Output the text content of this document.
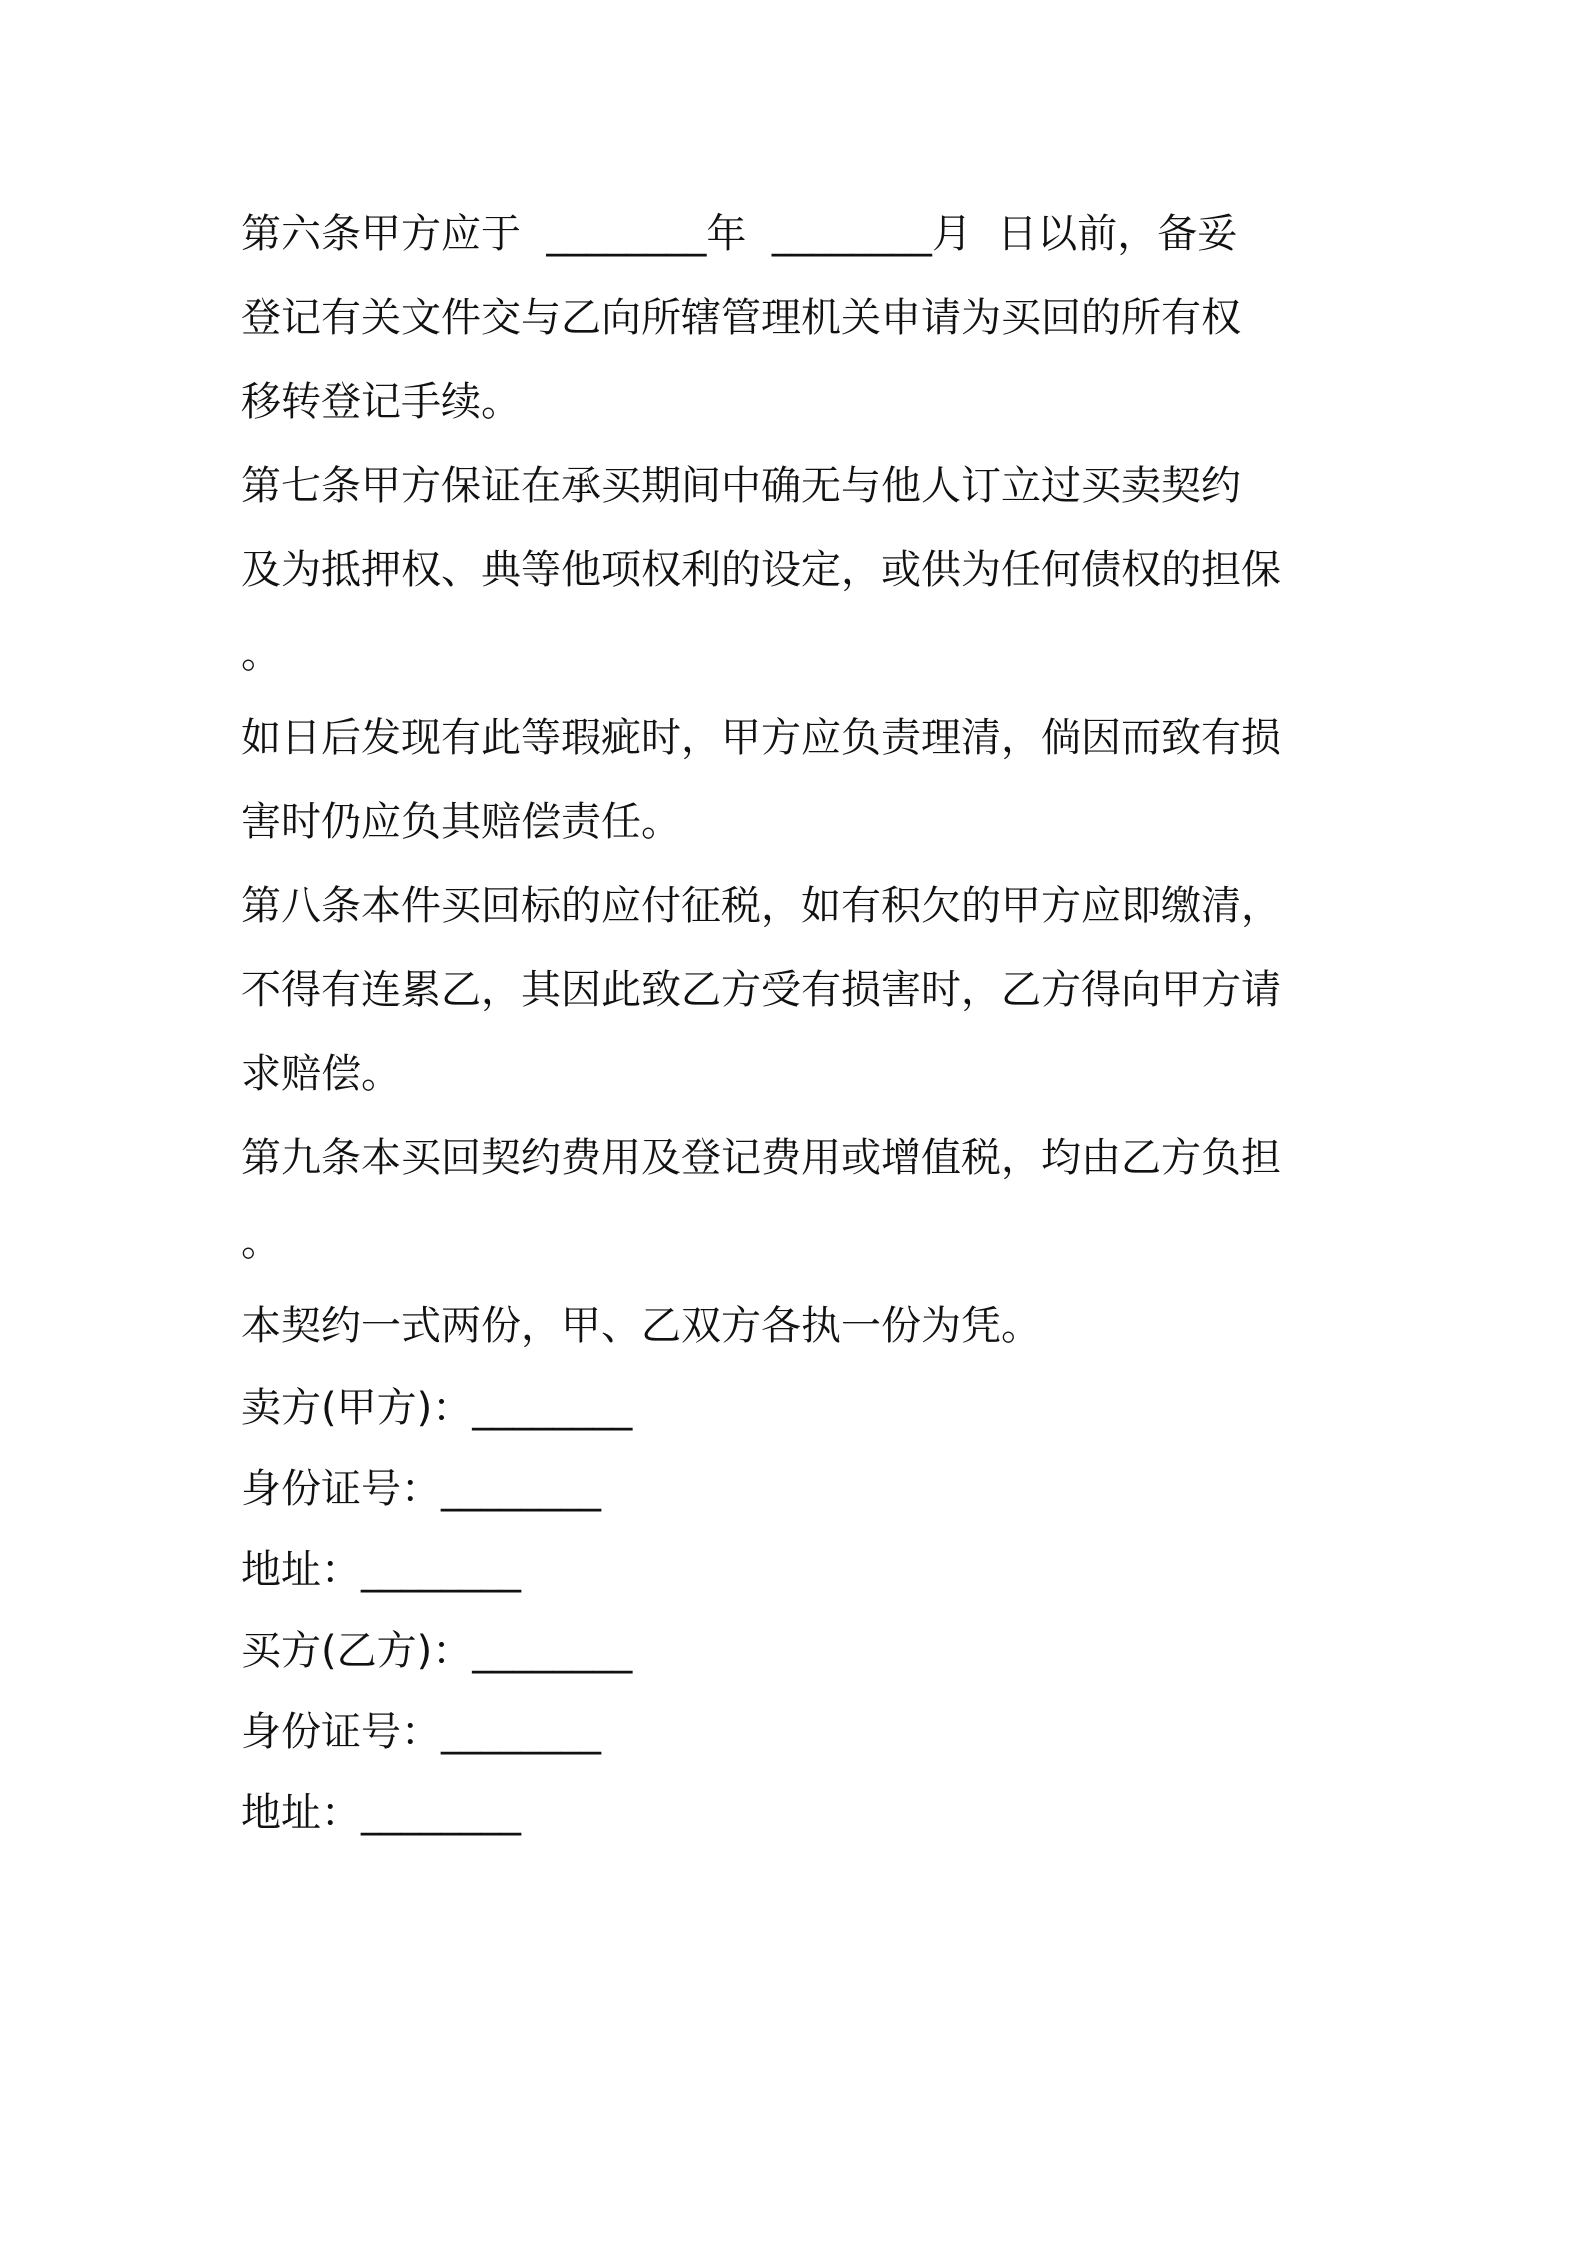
第六条甲方应于  ________年  ________月  日以前，备妥
登记有关文件交与乙向所辖管理机关申请为买回的所有权
移转登记手续。
第七条甲方保证在承买期间中确无与他人订立过买卖契约
及为抵押权、典等他项权利的设定，或供为任何债权的担保
。
如日后发现有此等瑕疵时，甲方应负责理清，倘因而致有损
害时仍应负其赔偿责任。
第八条本件买回标的应付征税，如有积欠的甲方应即缴清，
不得有连累乙，其因此致乙方受有损害时，乙方得向甲方请
求赔偿。
第九条本买回契约费用及登记费用或增值税，均由乙方负担
。
本契约一式两份，甲、乙双方各执一份为凭。
卖方(甲方)：________
身份证号：________
地址：________
买方(乙方)：________
身份证号：________
地址：________
